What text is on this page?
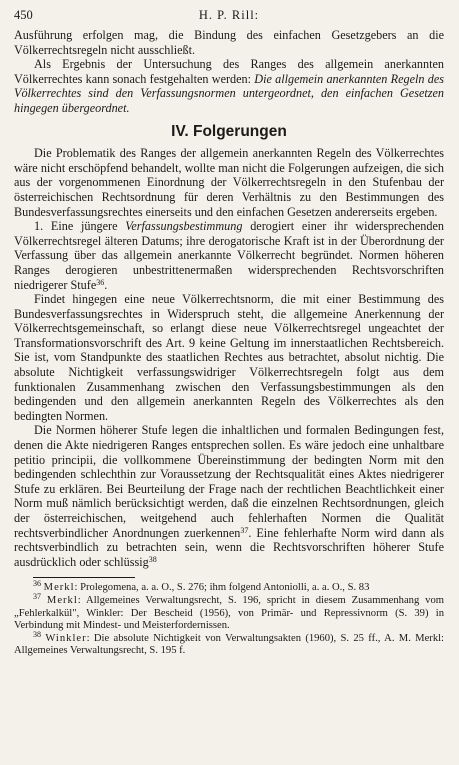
450	H. P. Rill:

Ausführung erfolgen mag, die Bindung des einfachen Gesetzgebers an die Völkerrechtsregeln nicht ausschließt.

Als Ergebnis der Untersuchung des Ranges des allgemein anerkannten Völkerrechtes kann sonach festgehalten werden: Die allgemein anerkannten Regeln des Völkerrechtes sind den Verfassungsnormen untergeordnet, den einfachen Gesetzen hingegen übergeordnet.

IV. Folgerungen

Die Problematik des Ranges der allgemein anerkannten Regeln des Völkerrechtes wäre nicht erschöpfend behandelt, wollte man nicht die Folgerungen aufzeigen, die sich aus der vorgenommenen Einordnung der Völkerrechtsregeln in den Stufenbau der österreichischen Rechtsordnung für deren Verhältnis zu den Bestimmungen des Bundesverfassungsrechtes einerseits und den einfachen Gesetzen andererseits ergeben.

1. Eine jüngere Verfassungsbestimmung derogiert einer ihr widersprechenden Völkerrechtsregel älteren Datums; ihre derogatorische Kraft ist in der Überordnung der Verfassung über das allgemein anerkannte Völkerrecht begründet. Normen höheren Ranges derogieren unbestrittenermaßen widersprechenden Rechtsvorschriften niedrigerer Stufe$^{36}$.

Findet hingegen eine neue Völkerrechtsnorm, die mit einer Bestimmung des Bundesverfassungsrechtes in Widerspruch steht, die allgemeine Anerkennung der Völkerrechtsgemeinschaft, so erlangt diese neue Völkerrechtsregel ungeachtet der Transformationsvorschrift des Art. 9 keine Geltung im innerstaatlichen Rechtsbereich. Sie ist, vom Standpunkte des staatlichen Rechtes aus betrachtet, absolut nichtig. Die absolute Nichtigkeit verfassungswidriger Völkerrechtsregeln folgt aus dem funktionalen Zusammenhang zwischen den Verfassungsbestimmungen als den bedingenden und den allgemein anerkannten Regeln des Völkerrechtes als den bedingten Normen.

Die Normen höherer Stufe legen die inhaltlichen und formalen Bedingungen fest, denen die Akte niedrigeren Ranges entsprechen sollen. Es wäre jedoch eine unhaltbare petitio principii, die vollkommene Übereinstimmung der bedingten Norm mit den bedingenden schlechthin zur Voraussetzung der Rechtsqualität eines Aktes niedrigerer Stufe zu erklären. Bei Beurteilung der Frage nach der rechtlichen Beachtlichkeit einer Norm muß nämlich berücksichtigt werden, daß die einzelnen Rechtsordnungen, gleich der österreichischen, weitgehend auch fehlerhaften Normen die Qualität rechtsverbindlicher Anordnungen zuerkennen$^{37}$. Eine fehlerhafte Norm wird dann als rechtsverbindlich zu betrachten sein, wenn die Rechtsvorschriften höherer Stufe ausdrücklich oder schlüssig$^{38}$

$^{36}$ Merkl: Prolegomena, a. a. O., S. 276; ihm folgend Antoniolli, a. a. O., S. 83

$^{37}$ Merkl: Allgemeines Verwaltungsrecht, S. 196, spricht in diesem Zusammenhang vom „Fehlerkalkül", Winkler: Der Bescheid (1956), von Primär- und Repressivnorm (S. 39) in Verbindung mit Mindest- und Meisterfordernissen.

$^{38}$ Winkler: Die absolute Nichtigkeit von Verwaltungsakten (1960), S. 25 ff., A. M. Merkl: Allgemeines Verwaltungsrecht, S. 195 f.
